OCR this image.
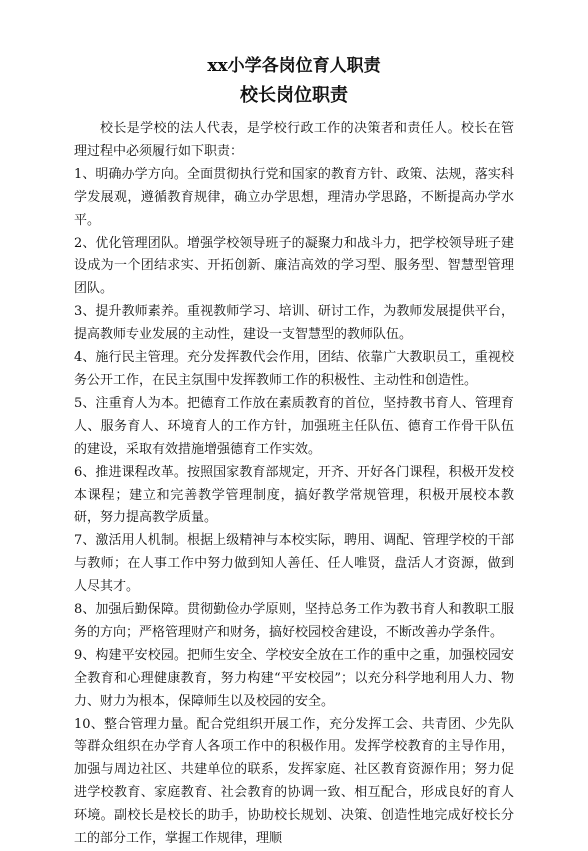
xx小学各岗位育人职责
校长岗位职责

校长是学校的法人代表，是学校行政工作的决策者和责任人。校长在管理过程中必须履行如下职责：

1、明确办学方向。全面贯彻执行党和国家的教育方针、政策、法规，落实科学发展观，遵循教育规律，确立办学思想，理清办学思路，不断提高办学水平。

2、优化管理团队。增强学校领导班子的凝聚力和战斗力，把学校领导班子建设成为一个团结求实、开拓创新、廉洁高效的学习型、服务型、智慧型管理团队。

3、提升教师素养。重视教师学习、培训、研讨工作，为教师发展提供平台，提高教师专业发展的主动性，建设一支智慧型的教师队伍。

4、施行民主管理。充分发挥教代会作用，团结、依靠广大教职员工，重视校务公开工作，在民主氛围中发挥教师工作的积极性、主动性和创造性。

5、注重育人为本。把德育工作放在素质教育的首位，坚持教书育人、管理育人、服务育人、环境育人的工作方针，加强班主任队伍、德育工作骨干队伍的建设，采取有效措施增强德育工作实效。

6、推进课程改革。按照国家教育部规定，开齐、开好各门课程，积极开发校本课程；建立和完善教学管理制度，搞好教学常规管理，积极开展校本教研，努力提高教学质量。

7、激活用人机制。根据上级精神与本校实际，聘用、调配、管理学校的干部与教师；在人事工作中努力做到知人善任、任人唯贤，盘活人才资源，做到人尽其才。

8、加强后勤保障。贯彻勤俭办学原则，坚持总务工作为教书育人和教职工服务的方向；严格管理财产和财务，搞好校园校舍建设，不断改善办学条件。

9、构建平安校园。把师生安全、学校安全放在工作的重中之重，加强校园安全教育和心理健康教育，努力构建“平安校园”；以充分科学地利用人力、物力、财力为根本，保障师生以及校园的安全。

10、整合管理力量。配合党组织开展工作，充分发挥工会、共青团、少先队等群众组织在办学育人各项工作中的积极作用。发挥学校教育的主导作用，加强与周边社区、共建单位的联系，发挥家庭、社区教育资源作用；努力促进学校教育、家庭教育、社会教育的协调一致、相互配合，形成良好的育人环境。副校长是校长的助手，协助校长规划、决策、创造性地完成好校长分工的部分工作，掌握工作规律，理顺
